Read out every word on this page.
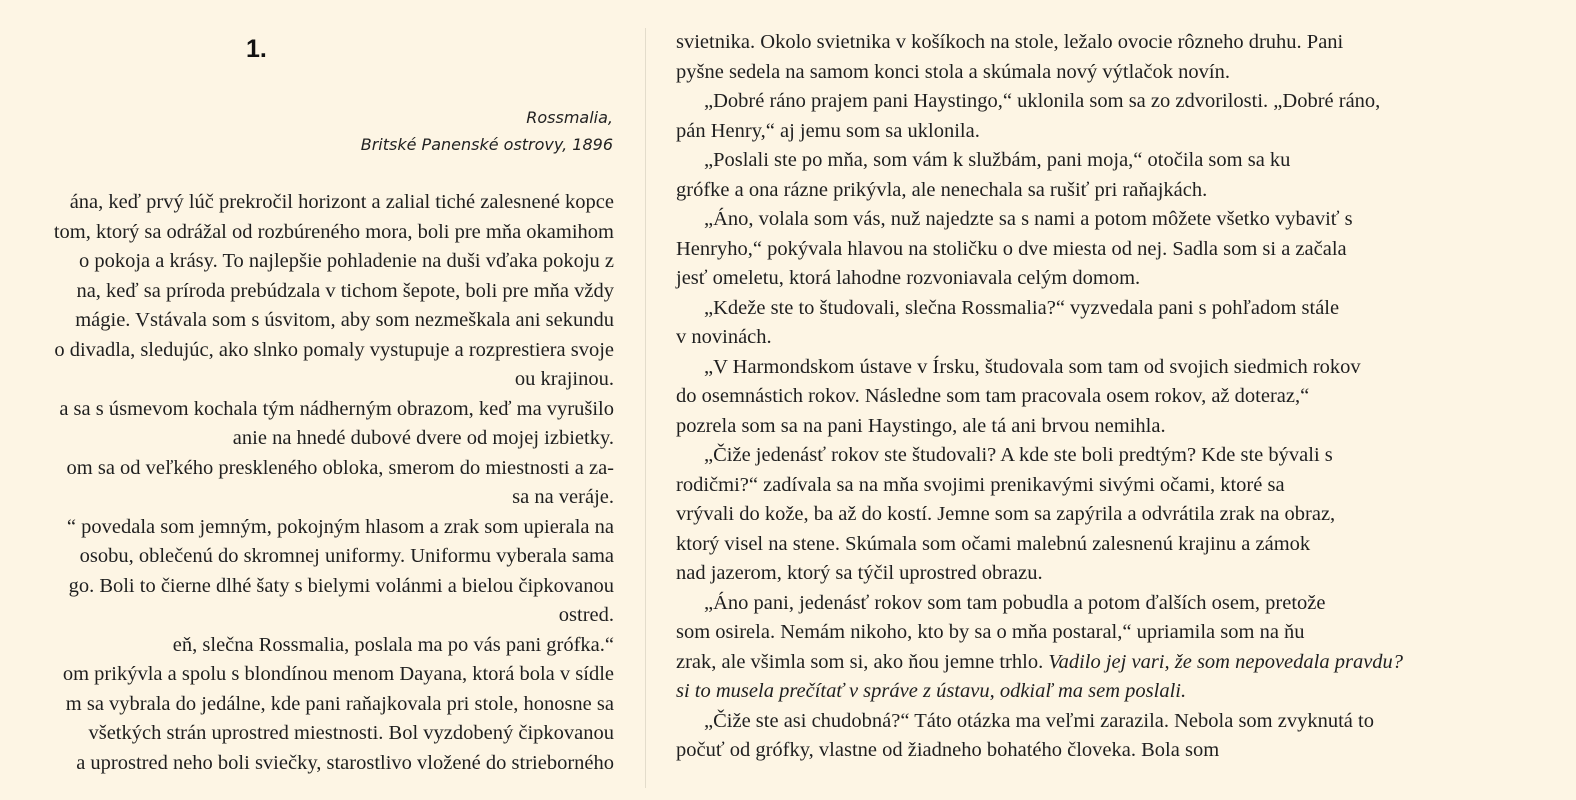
1.
Rossmalia,
Britské Panenské ostrovy, 1896
ána, keď prvý lúč prekročil horizont a zalial tiché zalesnené kopce
tom, ktorý sa odrážal od rozbúreného mora, boli pre mňa okamihom
o pokoja a krásy. To najlepšie pohladenie na duši vďaka pokoju z
na, keď sa príroda prebúdzala v tichom šepote, boli pre mňa vždy
mágie. Vstávala som s úsvitom, aby som nezmeškala ani sekundu
o divadla, sledujúc, ako slnko pomaly vystupuje a rozprestiera svoje
ou krajinou.
a sa s úsmevom kochala tým nádherným obrazom, keď ma vyrušilo
anie na hnedé dubové dvere od mojej izbietky.
om sa od veľkého preskleného obloka, smerom do miestnosti a za-
sa na veráje.
“ povedala som jemným, pokojným hlasom a zrak som upierala na
osobu, oblečenú do skromnej uniformy. Uniformu vyberala sama
go. Boli to čierne dlhé šaty s bielymi volánmi a bielou čipkovanou
ostred.
eň, slečna Rossmalia, poslala ma po vás pani grófka.“
om prikývla a spolu s blondínou menom Dayana, ktorá bola v sídle
m sa vybrala do jedálne, kde pani raňajkovala pri stole, honosne sa
všetkých strán uprostred miestnosti. Bol vyzdobený čipkovanou
a uprostred neho boli sviečky, starostlivo vložené do strieborného
svietnika. Okolo svietnika v košíkoch na stole, ležalo ovocie rôzneho druhu. Pani
pyšne sedela na samom konci stola a skúmala nový výtlačok novín.
„Dobré ráno prajem pani Haystingo,“ uklonila som sa zo zdvorilosti. „Dobré ráno,
pán Henry,“ aj jemu som sa uklonila.
„Poslali ste po mňa, som vám k službám, pani moja,“ otočila som sa ku
grófke a ona rázne prikývla, ale nenechala sa rušiť pri raňajkách.
„Áno, volala som vás, nuž najedzte sa s nami a potom môžete všetko vybaviť s
Henryho,“ pokývala hlavou na stoličku o dve miesta od nej. Sadla som si a začala
jesť omeletu, ktorá lahodne rozvoniavala celým domom.
„Kdeže ste to študovali, slečna Rossmalia?“ vyzvedala pani s pohľadom stále
v novinách.
„V Harmondskom ústave v Írsku, študovala som tam od svojich siedmich rokov
do osemnástich rokov. Následne som tam pracovala osem rokov, až doteraz,“
pozrela som sa na pani Haystingo, ale tá ani brvou nemihla.
„Čiže jedenásť rokov ste študovali? A kde ste boli predtým? Kde ste bývali s
rodičmi?“ zadívala sa na mňa svojimi prenikavými sivými očami, ktoré sa
vrývali do kože, ba až do kostí. Jemne som sa zapýrila a odvrátila zrak na obraz,
ktorý visel na stene. Skúmala som očami malebnú zalesnenú krajinu a zámok
nad jazerom, ktorý sa týčil uprostred obrazu.
„Áno pani, jedenásť rokov som tam pobudla a potom ďalších osem, pretože
som osirela. Nemám nikoho, kto by sa o mňa postaral,“ upriamila som na ňu
zrak, ale všimla som si, ako ňou jemne trhlo. Vadilo jej vari, že som nepovedala pravdu?
si to musela prečítať v správe z ústavu, odkiaľ ma sem poslali.
„Čiže ste asi chudobná?“ Táto otázka ma veľmi zarazila. Nebola som zvyknutá to
počuť od grófky, vlastne od žiadneho bohatého človeka. Bola som
